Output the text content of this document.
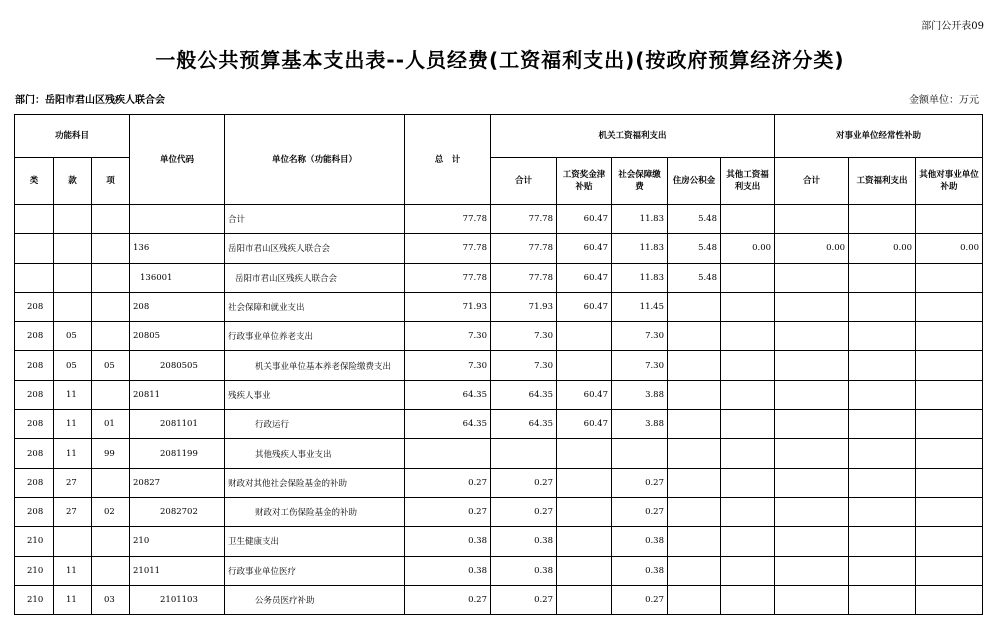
部门公开表09
一般公共预算基本支出表--人员经费(工资福利支出)(按政府预算经济分类)
部门：岳阳市君山区残疾人联合会	金额单位：万元
功能科目			单位代码	单位名称（功能科目）	总　计	机关工资福利支出					对事业单位经常性补助		
类	款	项				合计	工资奖金津补贴	社会保障缴费	住房公积金	其他工资福利支出	合计	工资福利支出	其他对事业单位补助
				合计	77.78	77.78	60.47	11.83	5.48				
			136	岳阳市君山区残疾人联合会	77.78	77.78	60.47	11.83	5.48	0.00	0.00	0.00	0.00
			136001	岳阳市君山区残疾人联合会	77.78	77.78	60.47	11.83	5.48				
208			208	社会保障和就业支出	71.93	71.93	60.47	11.45					
208	05		20805	行政事业单位养老支出	7.30	7.30		7.30					
208	05	05	2080505	机关事业单位基本养老保险缴费支出	7.30	7.30		7.30					
208	11		20811	残疾人事业	64.35	64.35	60.47	3.88					
208	11	01	2081101	行政运行	64.35	64.35	60.47	3.88					
208	11	99	2081199	其他残疾人事业支出									
208	27		20827	财政对其他社会保险基金的补助	0.27	0.27		0.27					
208	27	02	2082702	财政对工伤保险基金的补助	0.27	0.27		0.27					
210			210	卫生健康支出	0.38	0.38		0.38					
210	11		21011	行政事业单位医疗	0.38	0.38		0.38					
210	11	03	2101103	公务员医疗补助	0.27	0.27		0.27					
